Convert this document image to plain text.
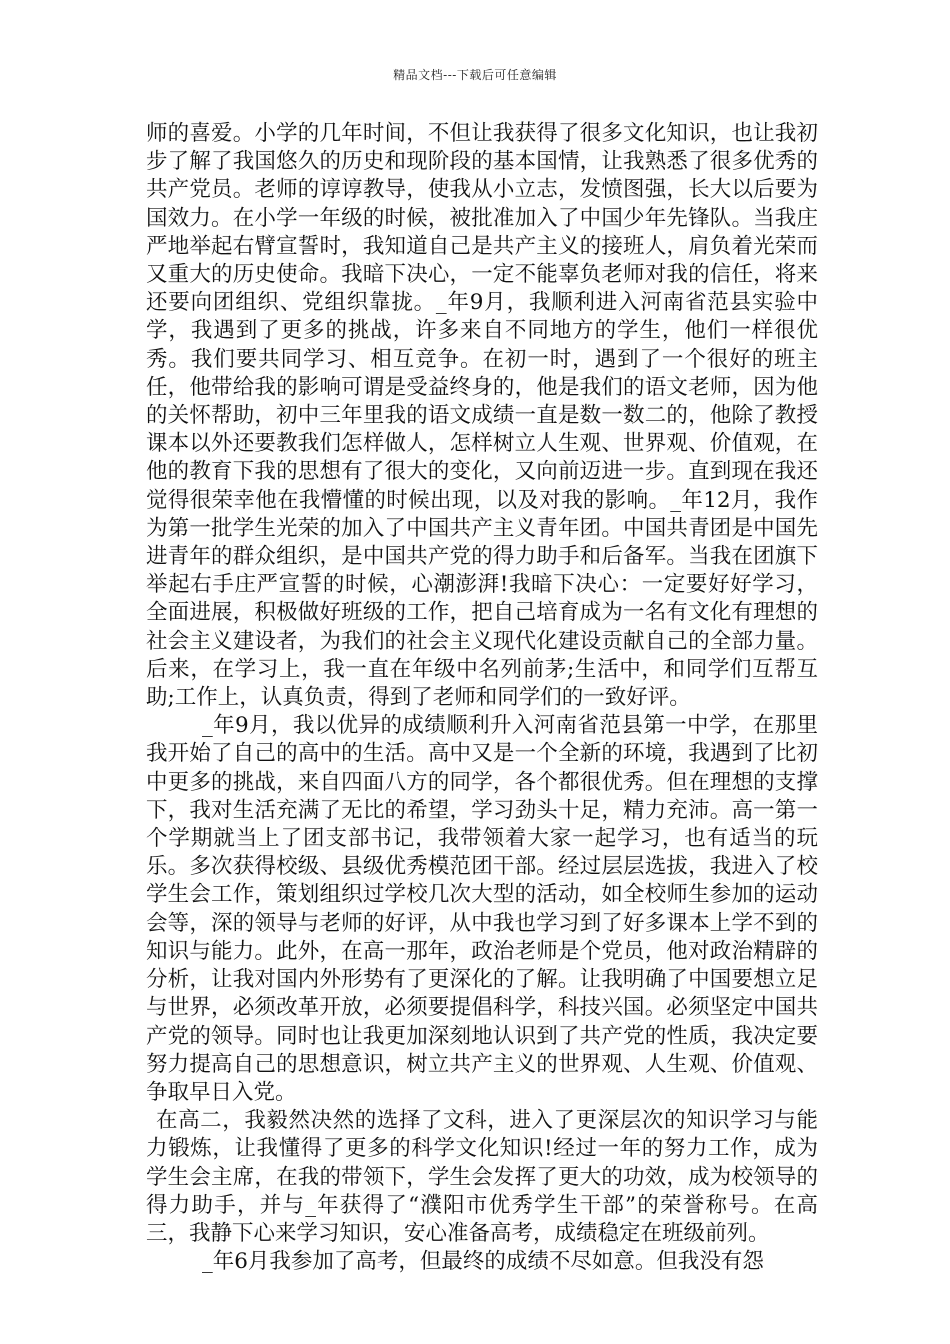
精品文档---下载后可任意编辑

师的喜爱。小学的几年时间，不但让我获得了很多文化知识，也让我初步了解了我国悠久的历史和现阶段的基本国情，让我熟悉了很多优秀的共产党员。老师的谆谆教导，使我从小立志，发愤图强，长大以后要为国效力。在小学一年级的时候，被批准加入了中国少年先锋队。当我庄严地举起右臂宣誓时，我知道自己是共产主义的接班人，肩负着光荣而又重大的历史使命。我暗下决心，一定不能辜负老师对我的信任，将来还要向团组织、党组织靠拢。_年9月，我顺利进入河南省范县实验中学，我遇到了更多的挑战，许多来自不同地方的学生，他们一样很优秀。我们要共同学习、相互竞争。在初一时，遇到了一个很好的班主任，他带给我的影响可谓是受益终身的，他是我们的语文老师，因为他的关怀帮助，初中三年里我的语文成绩一直是数一数二的，他除了教授课本以外还要教我们怎样做人，怎样树立人生观、世界观、价值观，在他的教育下我的思想有了很大的变化，又向前迈进一步。直到现在我还觉得很荣幸他在我懵懂的时候出现，以及对我的影响。_年12月，我作为第一批学生光荣的加入了中国共产主义青年团。中国共青团是中国先进青年的群众组织，是中国共产党的得力助手和后备军。当我在团旗下举起右手庄严宣誓的时候，心潮澎湃!我暗下决心：一定要好好学习，全面进展，积极做好班级的工作，把自己培育成为一名有文化有理想的社会主义建设者，为我们的社会主义现代化建设贡献自己的全部力量。后来，在学习上，我一直在年级中名列前茅;生活中，和同学们互帮互助;工作上，认真负责，得到了老师和同学们的一致好评。

_年9月，我以优异的成绩顺利升入河南省范县第一中学，在那里我开始了自己的高中的生活。高中又是一个全新的环境，我遇到了比初中更多的挑战，来自四面八方的同学，各个都很优秀。但在理想的支撑下，我对生活充满了无比的希望，学习劲头十足，精力充沛。高一第一个学期就当上了团支部书记，我带领着大家一起学习，也有适当的玩乐。多次获得校级、县级优秀模范团干部。经过层层选拔，我进入了校学生会工作，策划组织过学校几次大型的活动，如全校师生参加的运动会等，深的领导与老师的好评，从中我也学习到了好多课本上学不到的知识与能力。此外，在高一那年，政治老师是个党员，他对政治精辟的分析，让我对国内外形势有了更深化的了解。让我明确了中国要想立足与世界，必须改革开放，必须要提倡科学，科技兴国。必须坚定中国共产党的领导。同时也让我更加深刻地认识到了共产党的性质，我决定要努力提高自己的思想意识，树立共产主义的世界观、人生观、价值观、争取早日入党。

在高二，我毅然决然的选择了文科，进入了更深层次的知识学习与能力锻炼，让我懂得了更多的科学文化知识!经过一年的努力工作，成为学生会主席，在我的带领下，学生会发挥了更大的功效，成为校领导的得力助手，并与_年获得了“濮阳市优秀学生干部”的荣誉称号。在高三，我静下心来学习知识，安心准备高考，成绩稳定在班级前列。

_年6月我参加了高考，但最终的成绩不尽如意。但我没有怨
